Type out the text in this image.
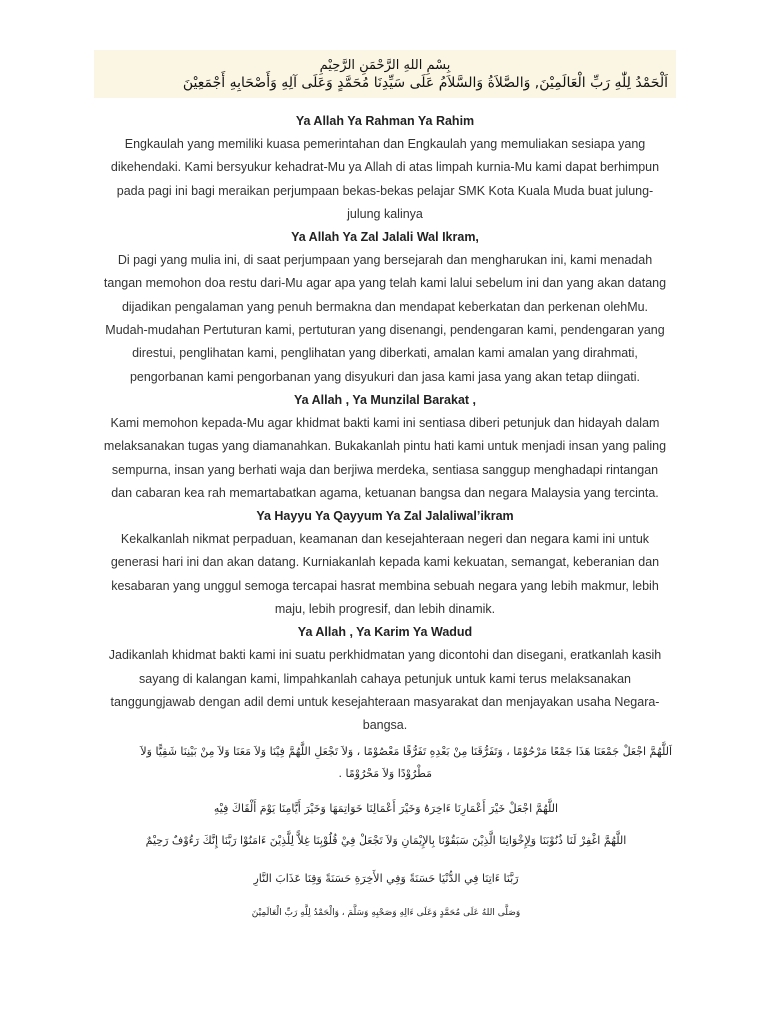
بِسْمِ اللهِ الرَّحْمَنِ الرَّحِيْمِ
اَلْحَمْدُ لِلّٰهِ رَبِّ الْعَالَمِيْنَ, وَالصَّلاَةُ وَالسَّلاَمُ عَلَى سَيِّدِنَا مُحَمَّدٍ وَعَلَى آلِهِ وَأَصْحَابِهِ أَجْمَعِيْنَ
Ya Allah Ya Rahman Ya Rahim
Engkaulah yang memiliki kuasa pemerintahan dan Engkaulah yang memuliakan sesiapa yang
dikehendaki. Kami bersyukur kehadrat-Mu ya Allah di atas limpah kurnia-Mu kami dapat berhimpun
pada pagi ini bagi meraikan perjumpaan bekas-bekas pelajar SMK Kota Kuala Muda buat julung-
julung kalinya
Ya Allah Ya Zal Jalali Wal Ikram,
Di pagi yang mulia ini, di saat perjumpaan yang bersejarah dan mengharukan ini, kami menadah
tangan memohon doa restu dari-Mu agar apa yang telah kami lalui sebelum ini dan yang akan datang
dijadikan pengalaman yang penuh bermakna dan mendapat keberkatan dan perkenan olehMu.
Mudah-mudahan Pertuturan kami, pertuturan yang disenangi, pendengaran kami, pendengaran yang
direstui, penglihatan kami, penglihatan yang diberkati, amalan kami amalan yang dirahmati,
pengorbanan kami pengorbanan yang disyukuri dan jasa kami jasa yang akan tetap diingati.
Ya Allah , Ya Munzilal Barakat ,
Kami memohon kepada-Mu agar khidmat bakti kami ini sentiasa diberi petunjuk dan hidayah dalam
melaksanakan tugas yang diamanahkan. Bukakanlah pintu hati kami untuk menjadi insan yang paling
sempurna, insan yang berhati waja dan berjiwa merdeka, sentiasa sanggup menghadapi rintangan
dan cabaran kea rah memartabatkan agama, ketuanan bangsa dan negara Malaysia yang tercinta.
Ya Hayyu Ya Qayyum Ya Zal Jalaliwal’ikram
Kekalkanlah nikmat perpaduan, keamanan dan kesejahteraan negeri dan negara kami ini untuk
generasi hari ini dan akan datang. Kurniakanlah kepada kami kekuatan, semangat, keberanian dan
kesabaran yang unggul semoga tercapai hasrat membina sebuah negara yang lebih makmur, lebih
maju, lebih progresif, dan lebih dinamik.
Ya Allah , Ya Karim Ya Wadud
Jadikanlah khidmat bakti kami ini suatu perkhidmatan yang dicontohi dan disegani, eratkanlah kasih
sayang di kalangan kami, limpahkanlah cahaya petunjuk untuk kami terus melaksanakan
tanggungjawab dengan adil demi untuk kesejahteraan masyarakat dan menjayakan usaha Negara-
bangsa.
اَللَّهُمَّ اجْعَلْ جَمْعَنَا هَذَا جَمْعًا مَرْحُوْمًا ، وَتَفَرُّقَنَا مِنْ بَعْدِهِ تَفَرُّقًا مَعْصُوْمًا ، وَلاَ تَجْعَلِ اللَّهُمَّ فِيْنَا وَلاَ مَعَنَا وَلاَ مِنْ بَيْنِنَا شَقِيًّا وَلاَ
مَطْرُوْدًا وَلاَ مَحْرُوْمًا .
اللَّهُمَّ اجْعَلْ خَيْرَ أَعْمَارِنَا ءَاخِرَهُ وَخَيْرَ أَعْمَالِنَا خَوَاتِمَهَا وَخَيْرَ أَيَّامِنَا يَوْمَ أَلْقَاكَ فِيْهِ
اللَّهُمَّ اغْفِرْ لَنَا ذُنُوْبَنَا وَلِإِخْوَانِنَا الَّذِيْنَ سَبَقُوْنَا بِالإِيْمَانِ وَلاَ تَجْعَلْ فِيْ قُلُوْبِنَا غِلاًّ لِلَّذِيْنَ ءَامَنُوْا رَبَّنَا إِنَّكَ رَءُوْفٌ رَحِيْمٌ
رَبَّنَا ءَاتِنَا فِي الدُّنْيَا حَسَنَةً وَفِي الأَخِرَةِ حَسَنَةً وَقِنَا عَذَابَ النَّارِ
وَصَلَّى اللهُ عَلَى مُحَمَّدٍ وَعَلَى ءَالِهِ وَصَحْبِهِ وَسَلَّمَ ، وَالْحَمْدُ لِلَّهِ رَبِّ الْعَالَمِيْنَ
